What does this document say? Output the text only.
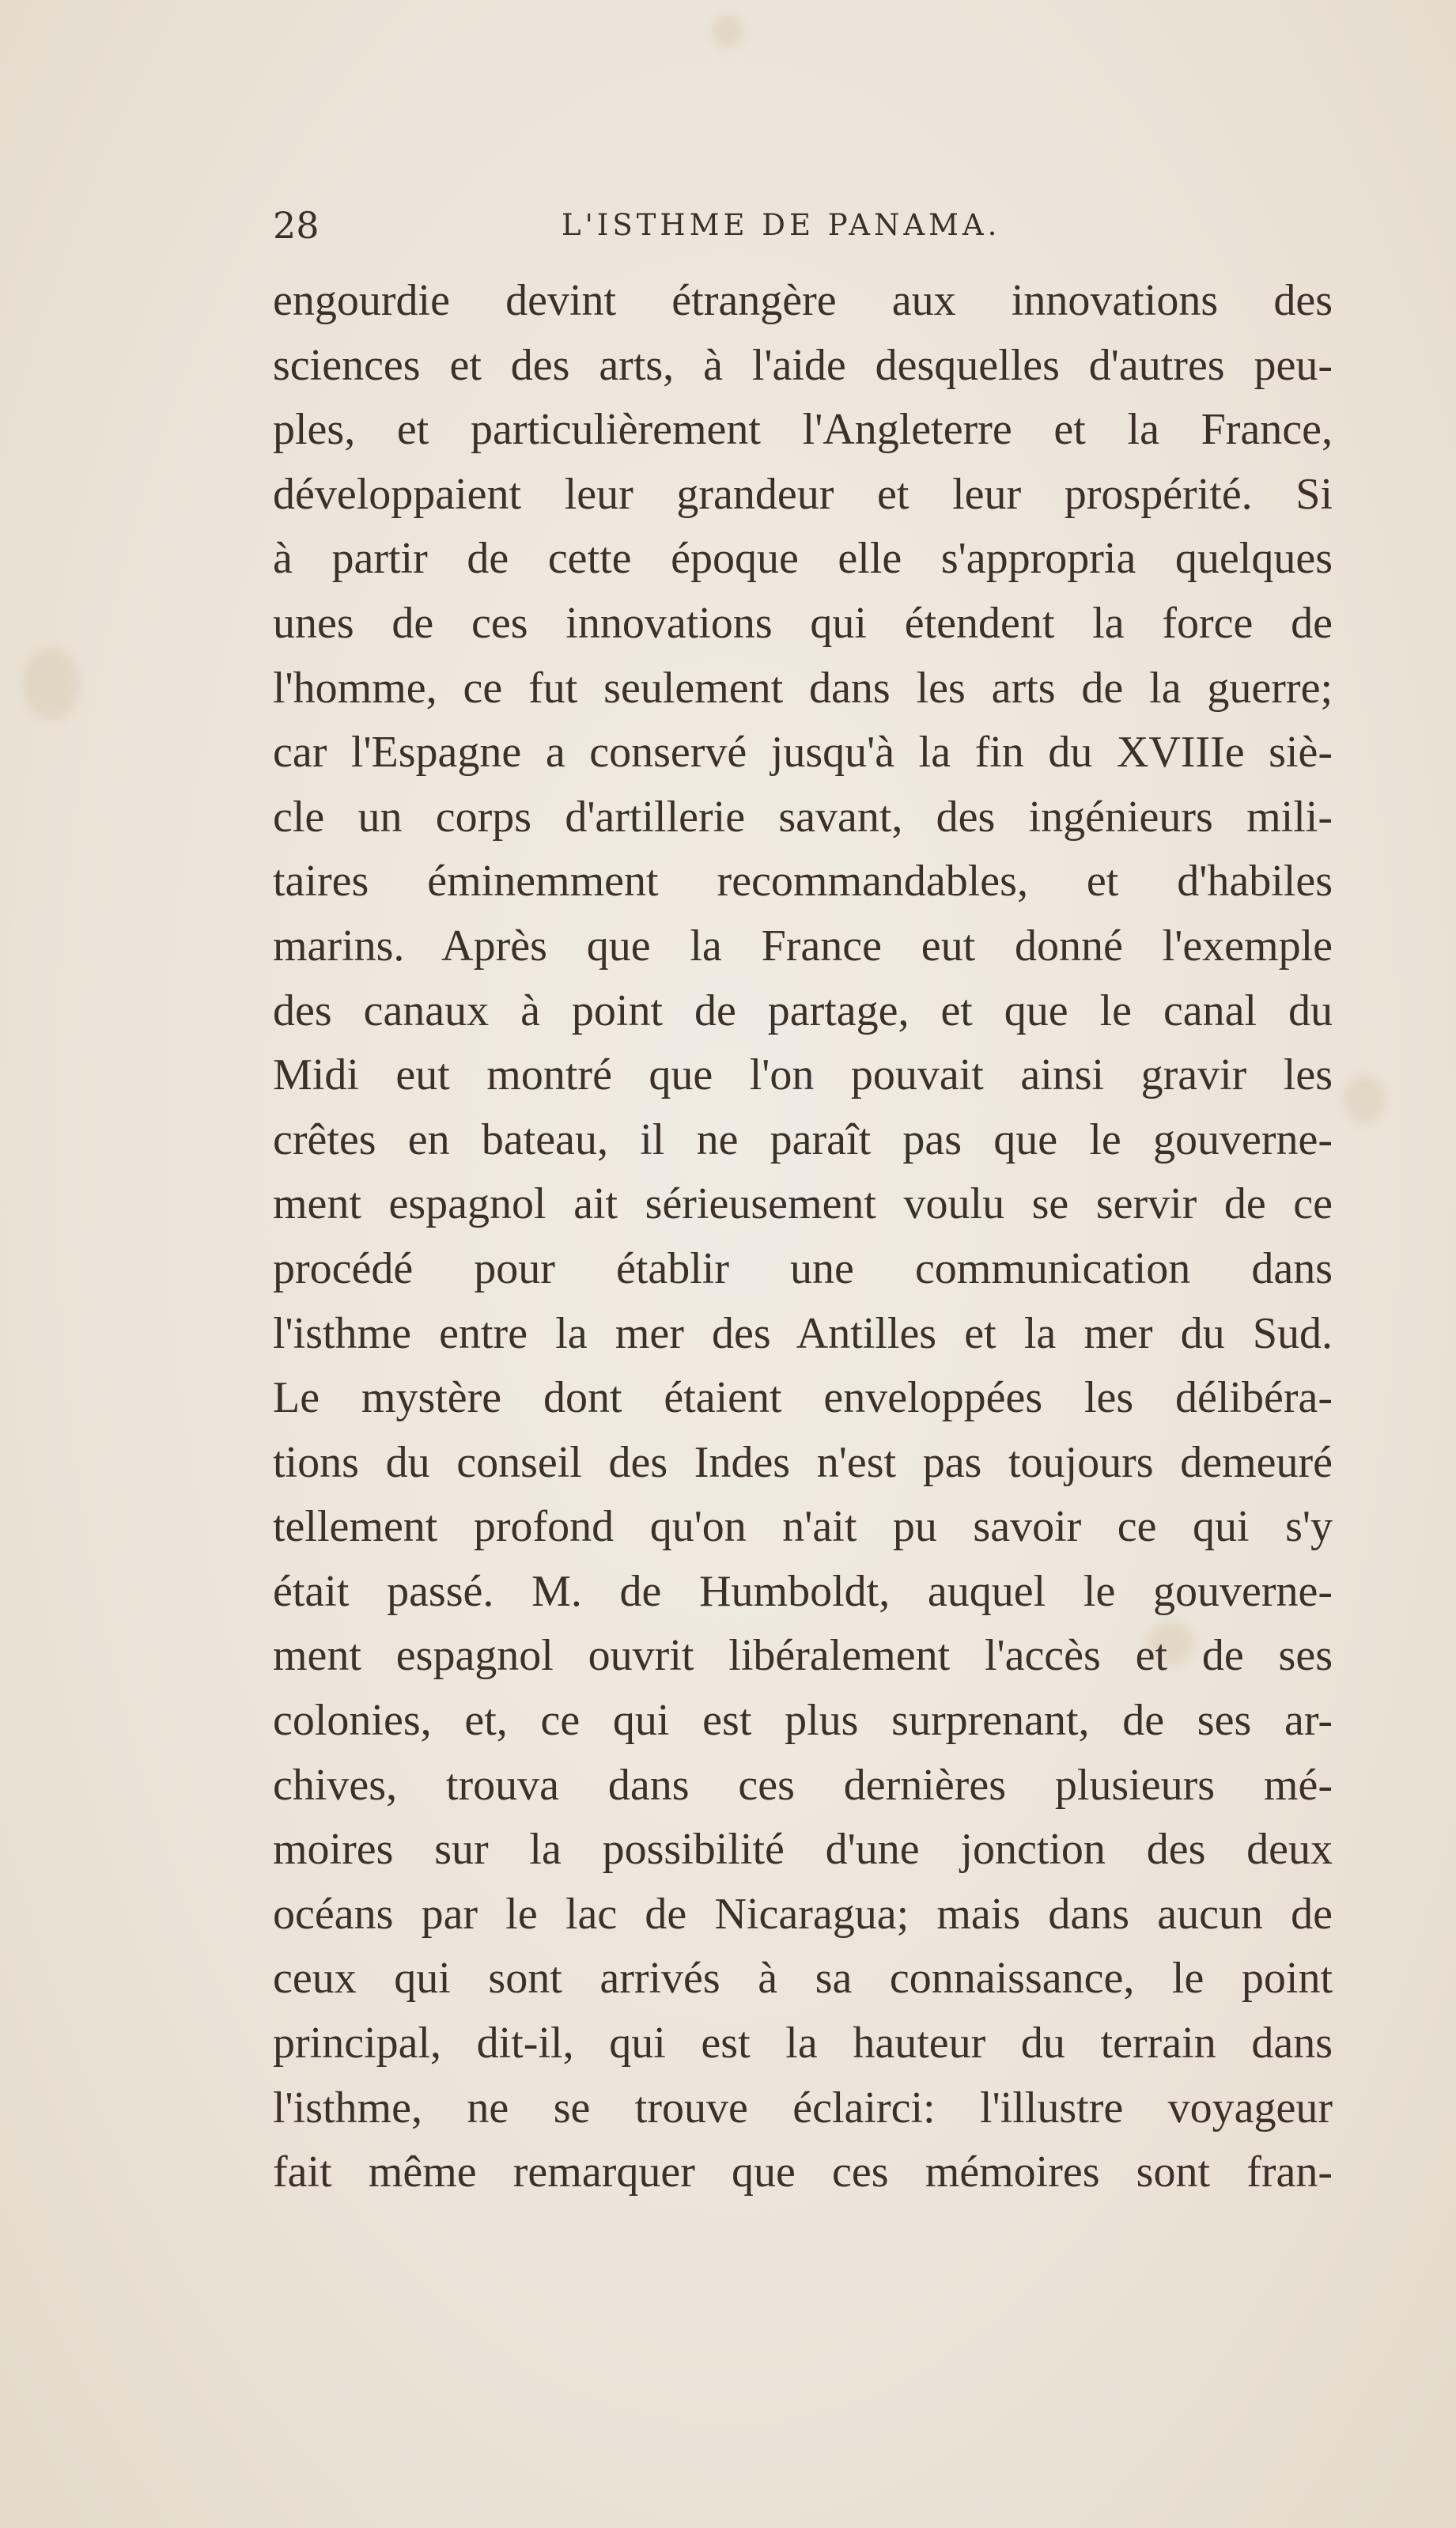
28	L'ISTHME DE PANAMA.
engourdie devint étrangère aux innovations des
sciences et des arts, à l'aide desquelles d'autres peu-
ples, et particulièrement l'Angleterre et la France,
développaient leur grandeur et leur prospérité. Si
à partir de cette époque elle s'appropria quelques
unes de ces innovations qui étendent la force de
l'homme, ce fut seulement dans les arts de la guerre;
car l'Espagne a conservé jusqu'à la fin du XVIIIe siè-
cle un corps d'artillerie savant, des ingénieurs mili-
taires éminemment recommandables, et d'habiles
marins. Après que la France eut donné l'exemple
des canaux à point de partage, et que le canal du
Midi eut montré que l'on pouvait ainsi gravir les
crêtes en bateau, il ne paraît pas que le gouverne-
ment espagnol ait sérieusement voulu se servir de ce
procédé pour établir une communication dans
l'isthme entre la mer des Antilles et la mer du Sud.
Le mystère dont étaient enveloppées les délibéra-
tions du conseil des Indes n'est pas toujours demeuré
tellement profond qu'on n'ait pu savoir ce qui s'y
était passé. M. de Humboldt, auquel le gouverne-
ment espagnol ouvrit libéralement l'accès et de ses
colonies, et, ce qui est plus surprenant, de ses ar-
chives, trouva dans ces dernières plusieurs mé-
moires sur la possibilité d'une jonction des deux
océans par le lac de Nicaragua; mais dans aucun de
ceux qui sont arrivés à sa connaissance, le point
principal, dit-il, qui est la hauteur du terrain dans
l'isthme, ne se trouve éclairci: l'illustre voyageur
fait même remarquer que ces mémoires sont fran-
